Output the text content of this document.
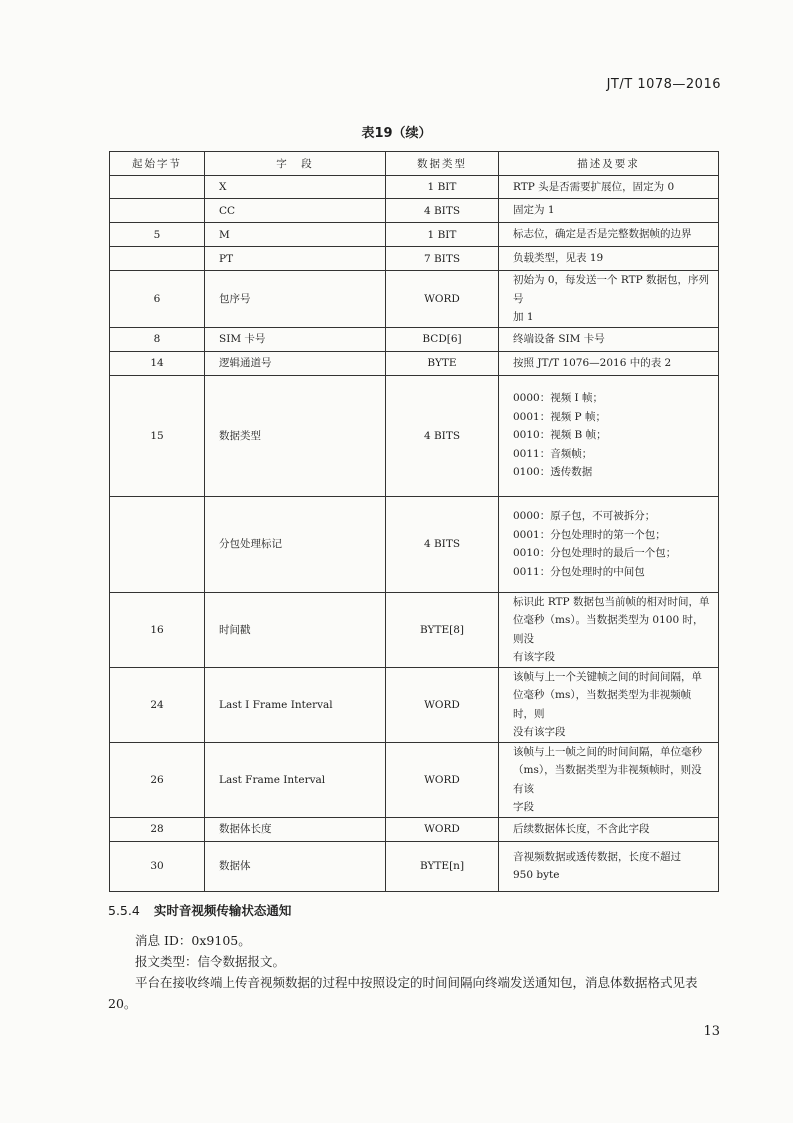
JT/T 1078—2016
表19（续）
起始字节	字　段	数据类型	描述及要求
	X	1 BIT	RTP 头是否需要扩展位，固定为 0

	CC	4 BITS	固定为 1

5	M	1 BIT	标志位，确定是否是完整数据帧的边界

	PT	7 BITS	负载类型，见表 19

6	包序号	WORD	初始为 0，每发送一个 RTP 数据包，序列号
加 1

8	SIM 卡号	BCD[6]	终端设备 SIM 卡号

14	逻辑通道号	BYTE	按照 JT/T 1076—2016 中的表 2

15	数据类型	4 BITS	0000：视频 I 帧；
0001：视频 P 帧；
0010：视频 B 帧；
0011：音频帧；
0100：透传数据

	分包处理标记	4 BITS	0000：原子包，不可被拆分；
0001：分包处理时的第一个包；
0010：分包处理时的最后一个包；
0011：分包处理时的中间包

16	时间戳	BYTE[8]	标识此 RTP 数据包当前帧的相对时间，单
位毫秒（ms）。当数据类型为 0100 时，则没
有该字段

24	Last I Frame Interval	WORD	该帧与上一个关键帧之间的时间间隔，单
位毫秒（ms），当数据类型为非视频帧时，则
没有该字段

26	Last Frame Interval	WORD	该帧与上一帧之间的时间间隔，单位毫秒
（ms），当数据类型为非视频帧时，则没有该
字段

28	数据体长度	WORD	后续数据体长度，不含此字段

30	数据体	BYTE[n]	音视频数据或透传数据，长度不超过
950 byte
5.5.4 实时音视频传输状态通知
消息 ID：0x9105。
报文类型：信令数据报文。
平台在接收终端上传音视频数据的过程中按照设定的时间间隔向终端发送通知包，消息体数据格式见表 20。
13
